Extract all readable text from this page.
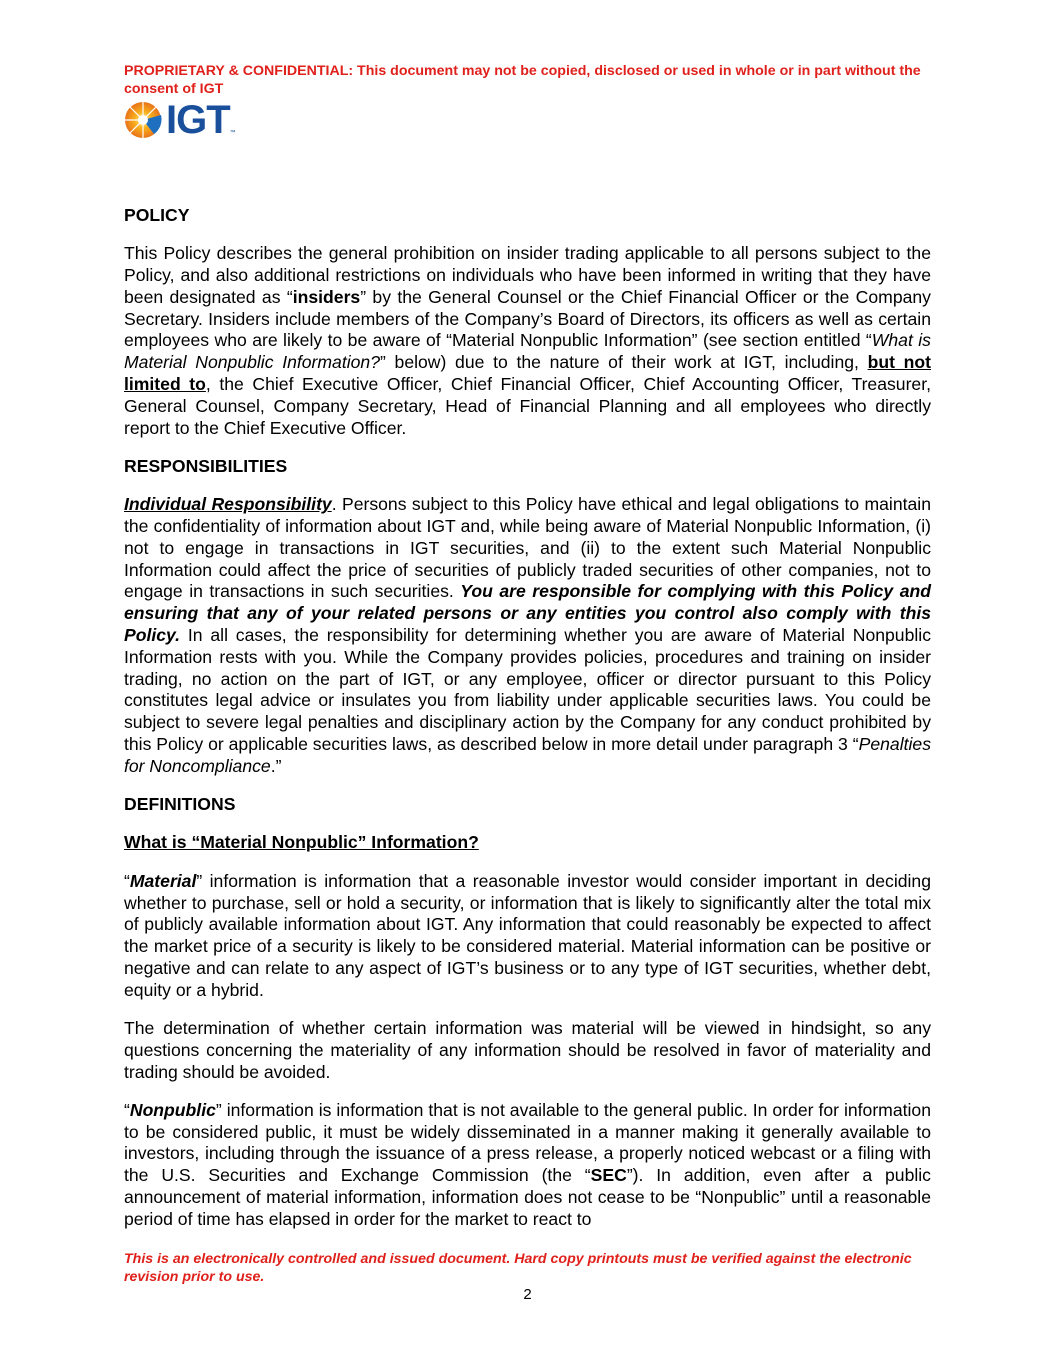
PROPRIETARY & CONFIDENTIAL: This document may not be copied, disclosed or used in whole or in part without the consent of IGT
IGT ™

POLICY

This Policy describes the general prohibition on insider trading applicable to all persons subject to the Policy, and also additional restrictions on individuals who have been informed in writing that they have been designated as “insiders” by the General Counsel or the Chief Financial Officer or the Company Secretary. Insiders include members of the Company’s Board of Directors, its officers as well as certain employees who are likely to be aware of “Material Nonpublic Information” (see section entitled “What is Material Nonpublic Information?” below) due to the nature of their work at IGT, including, but not limited to, the Chief Executive Officer, Chief Financial Officer, Chief Accounting Officer, Treasurer, General Counsel, Company Secretary, Head of Financial Planning and all employees who directly report to the Chief Executive Officer.

RESPONSIBILITIES

Individual Responsibility. Persons subject to this Policy have ethical and legal obligations to maintain the confidentiality of information about IGT and, while being aware of Material Nonpublic Information, (i) not to engage in transactions in IGT securities, and (ii) to the extent such Material Nonpublic Information could affect the price of securities of publicly traded securities of other companies, not to engage in transactions in such securities. You are responsible for complying with this Policy and ensuring that any of your related persons or any entities you control also comply with this Policy. In all cases, the responsibility for determining whether you are aware of Material Nonpublic Information rests with you. While the Company provides policies, procedures and training on insider trading, no action on the part of IGT, or any employee, officer or director pursuant to this Policy constitutes legal advice or insulates you from liability under applicable securities laws. You could be subject to severe legal penalties and disciplinary action by the Company for any conduct prohibited by this Policy or applicable securities laws, as described below in more detail under paragraph 3 “Penalties for Noncompliance.”

DEFINITIONS

What is “Material Nonpublic” Information?

“Material” information is information that a reasonable investor would consider important in deciding whether to purchase, sell or hold a security, or information that is likely to significantly alter the total mix of publicly available information about IGT. Any information that could reasonably be expected to affect the market price of a security is likely to be considered material. Material information can be positive or negative and can relate to any aspect of IGT’s business or to any type of IGT securities, whether debt, equity or a hybrid.

The determination of whether certain information was material will be viewed in hindsight, so any questions concerning the materiality of any information should be resolved in favor of materiality and trading should be avoided.

“Nonpublic” information is information that is not available to the general public. In order for information to be considered public, it must be widely disseminated in a manner making it generally available to investors, including through the issuance of a press release, a properly noticed webcast or a filing with the U.S. Securities and Exchange Commission (the “SEC”). In addition, even after a public announcement of material information, information does not cease to be “Nonpublic” until a reasonable period of time has elapsed in order for the market to react to

This is an electronically controlled and issued document. Hard copy printouts must be verified against the electronic revision prior to use.
2
